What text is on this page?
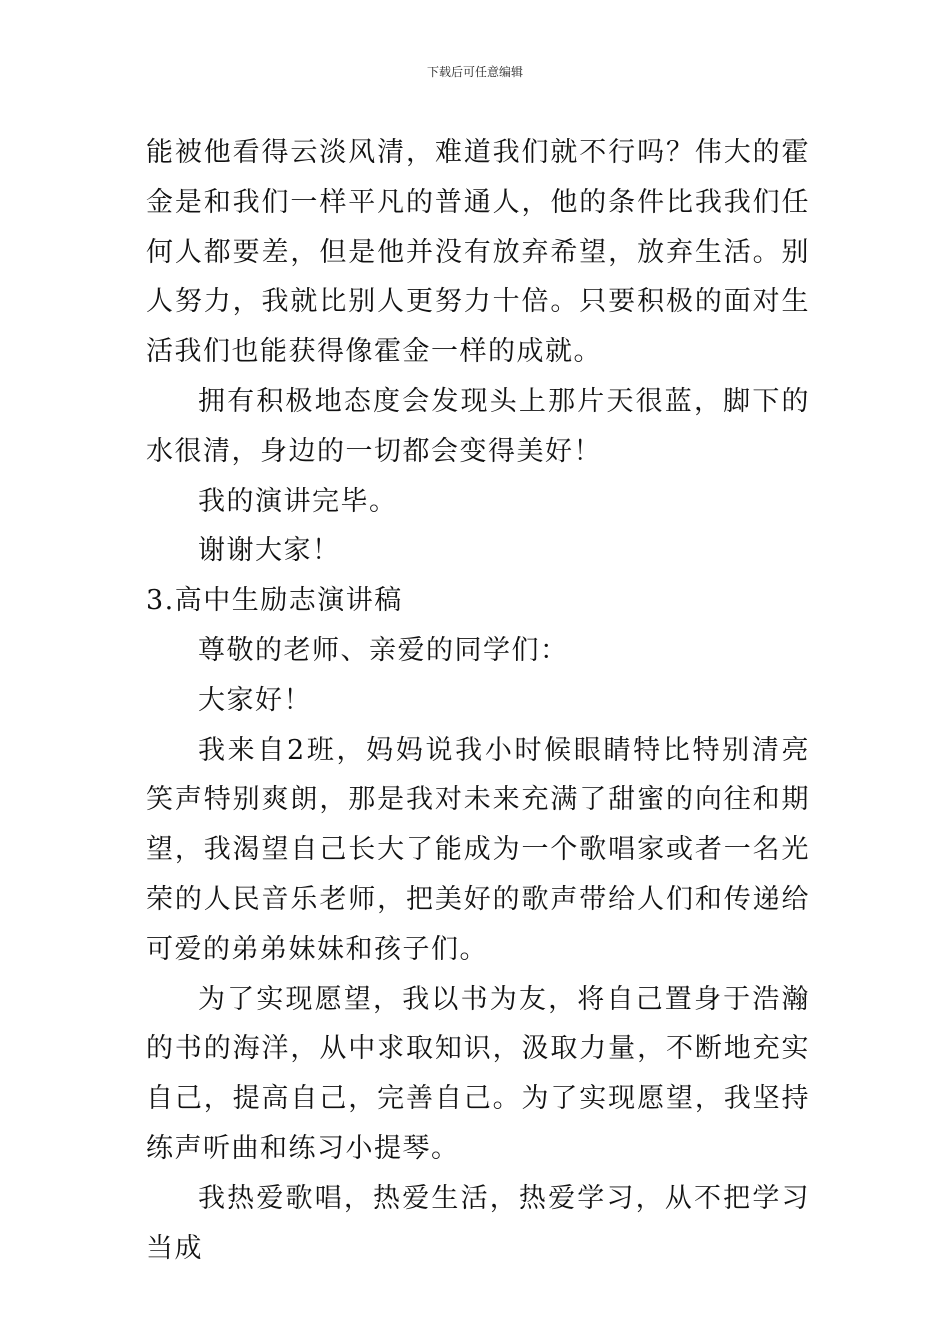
下载后可任意编辑

能被他看得云淡风清，难道我们就不行吗？伟大的霍金是和我们一样平凡的普通人，他的条件比我我们任何人都要差，但是他并没有放弃希望，放弃生活。别人努力，我就比别人更努力十倍。只要积极的面对生活我们也能获得像霍金一样的成就。

拥有积极地态度会发现头上那片天很蓝，脚下的水很清，身边的一切都会变得美好！

我的演讲完毕。

谢谢大家！

3.高中生励志演讲稿

尊敬的老师、亲爱的同学们：

大家好！

我来自2班，妈妈说我小时候眼睛特比特别清亮笑声特别爽朗，那是我对未来充满了甜蜜的向往和期望，我渴望自己长大了能成为一个歌唱家或者一名光荣的人民音乐老师，把美好的歌声带给人们和传递给可爱的弟弟妹妹和孩子们。

为了实现愿望，我以书为友，将自己置身于浩瀚的书的海洋，从中求取知识，汲取力量，不断地充实自己，提高自己，完善自己。为了实现愿望，我坚持练声听曲和练习小提琴。

我热爱歌唱，热爱生活，热爱学习，从不把学习当成
